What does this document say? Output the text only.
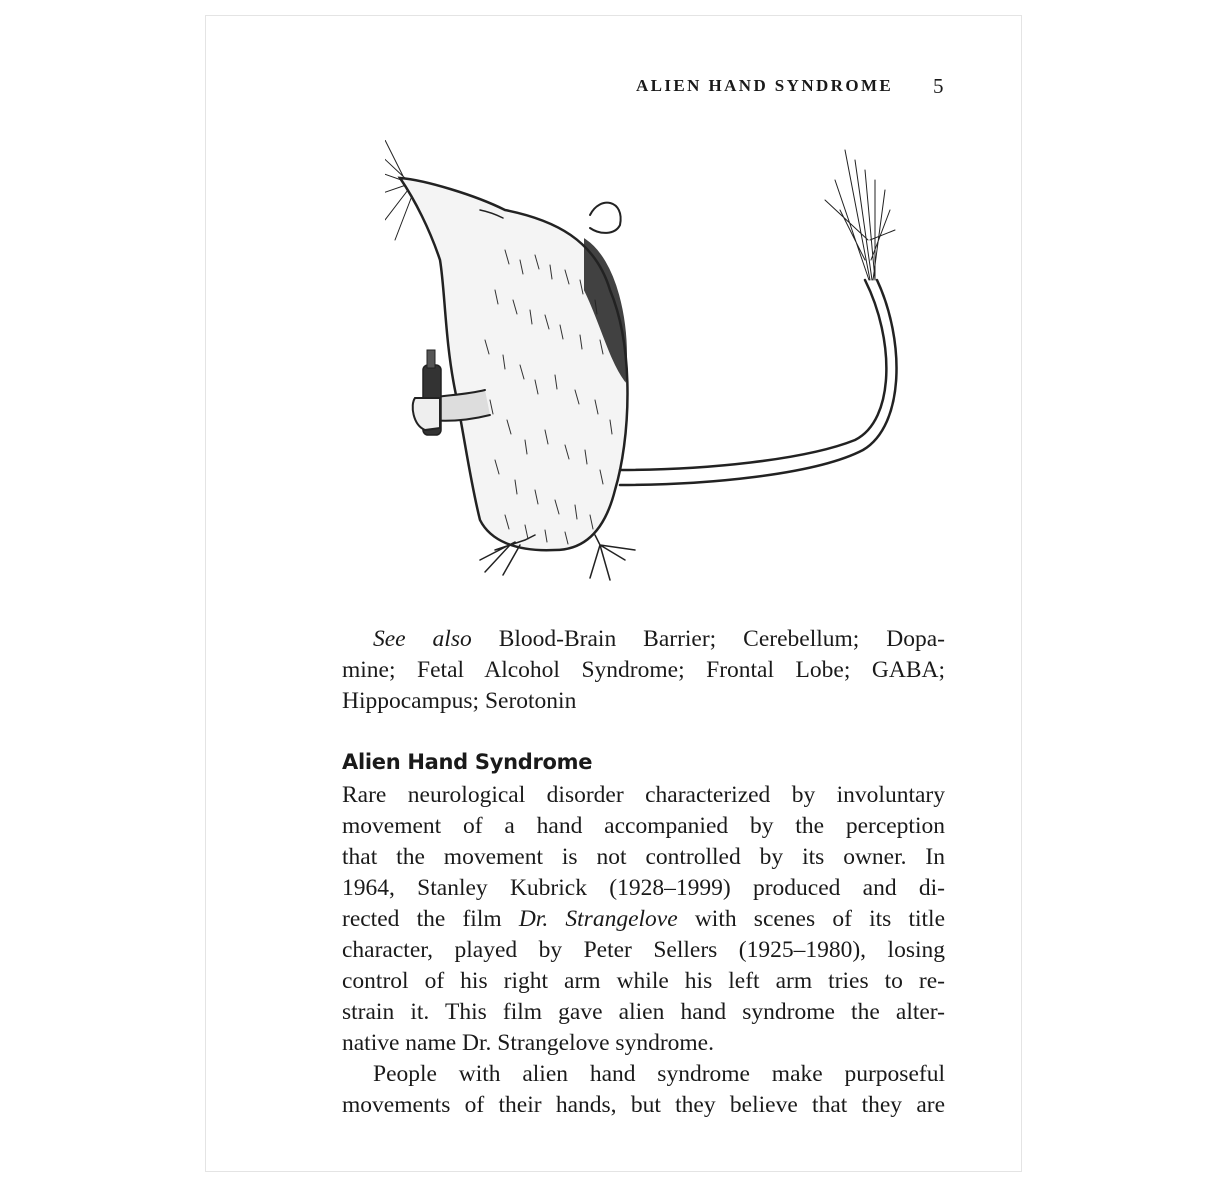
ALIEN HAND SYNDROME 5
See also Blood-Brain Barrier; Cerebellum; Dopa-
mine; Fetal Alcohol Syndrome; Frontal Lobe; GABA;
Hippocampus; Serotonin
Alien Hand Syndrome
Rare neurological disorder characterized by involuntary
movement of a hand accompanied by the perception
that the movement is not controlled by its owner. In
1964, Stanley Kubrick (1928–1999) produced and di-
rected the film Dr. Strangelove with scenes of its title
character, played by Peter Sellers (1925–1980), losing
control of his right arm while his left arm tries to re-
strain it. This film gave alien hand syndrome the alter-
native name Dr. Strangelove syndrome.
People with alien hand syndrome make purposeful
movements of their hands, but they believe that they are
